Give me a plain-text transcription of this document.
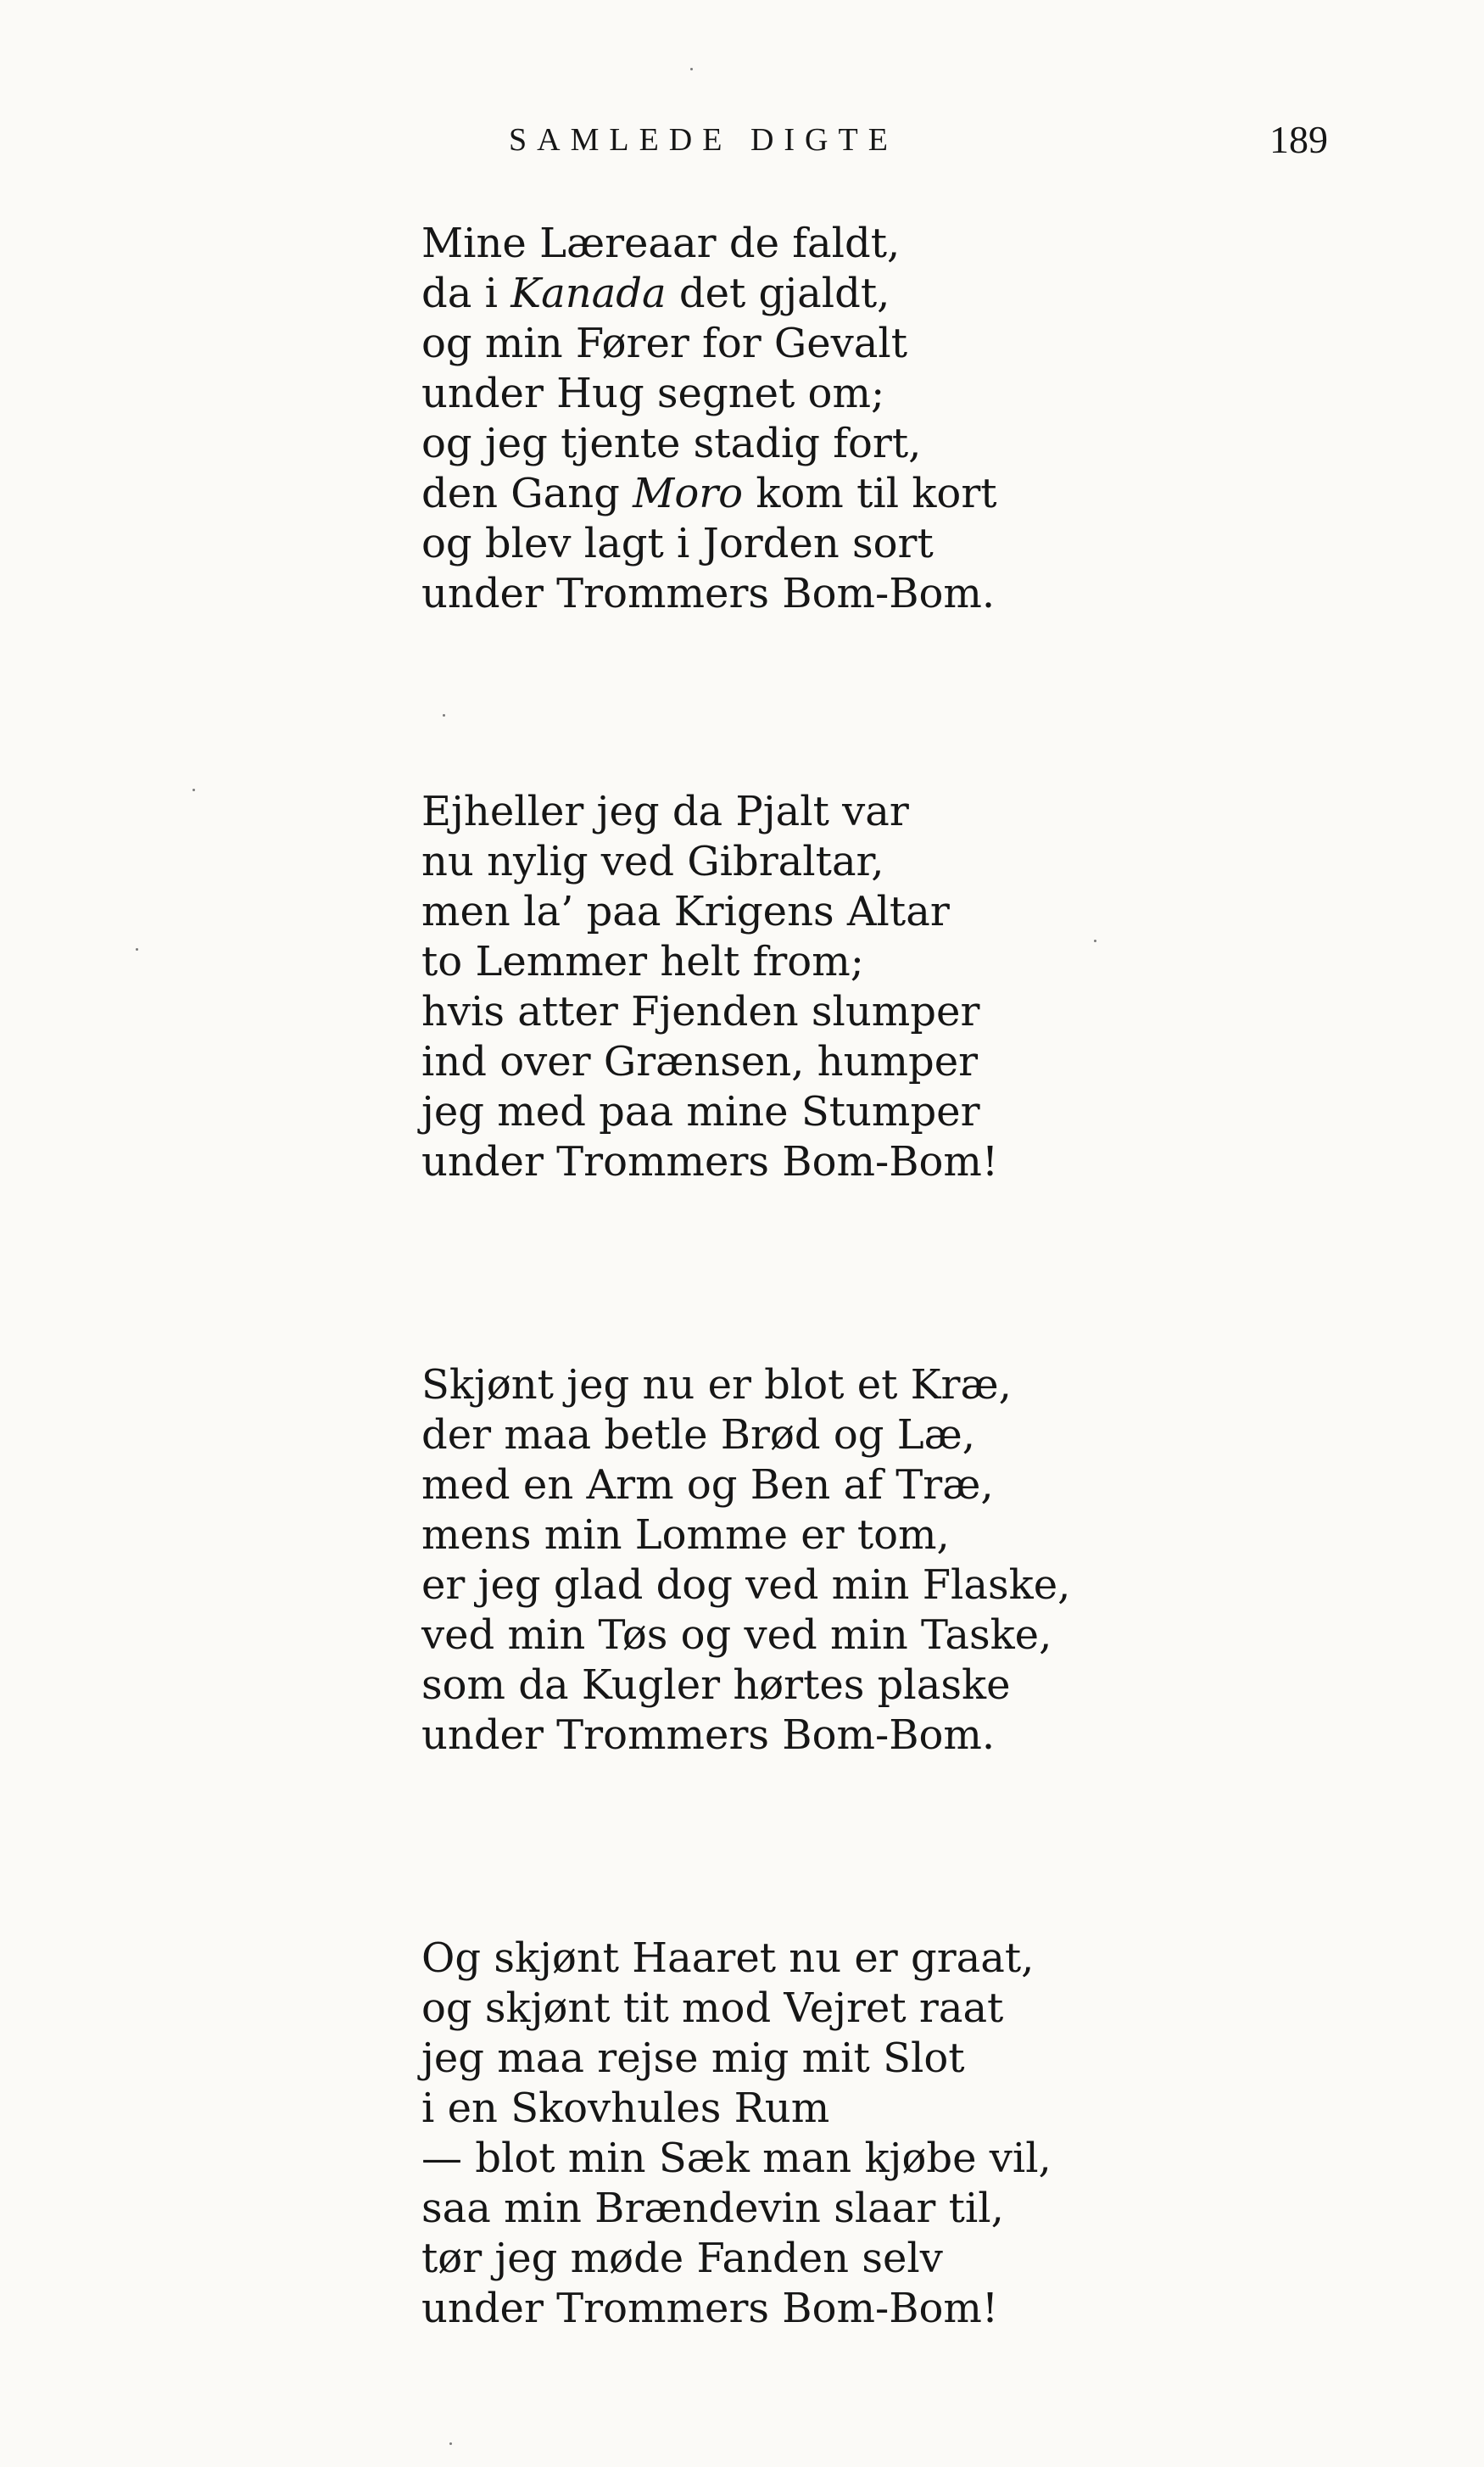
SAMLEDE DIGTE	189
Mine Læreaar de faldt,
da i Kanada det gjaldt,
og min Fører for Gevalt
under Hug segnet om;
og jeg tjente stadig fort,
den Gang Moro kom til kort
og blev lagt i Jorden sort
under Trommers Bom-Bom.
Ejheller jeg da Pjalt var
nu nylig ved Gibraltar,
men la’ paa Krigens Altar
to Lemmer helt from;
hvis atter Fjenden slumper
ind over Grænsen, humper
jeg med paa mine Stumper
under Trommers Bom-Bom!
Skjønt jeg nu er blot et Kræ,
der maa betle Brød og Læ,
med en Arm og Ben af Træ,
mens min Lomme er tom,
er jeg glad dog ved min Flaske,
ved min Tøs og ved min Taske,
som da Kugler hørtes plaske
under Trommers Bom-Bom.
Og skjønt Haaret nu er graat,
og skjønt tit mod Vejret raat
jeg maa rejse mig mit Slot
i en Skovhules Rum
— blot min Sæk man kjøbe vil,
saa min Brændevin slaar til,
tør jeg møde Fanden selv
under Trommers Bom-Bom!
